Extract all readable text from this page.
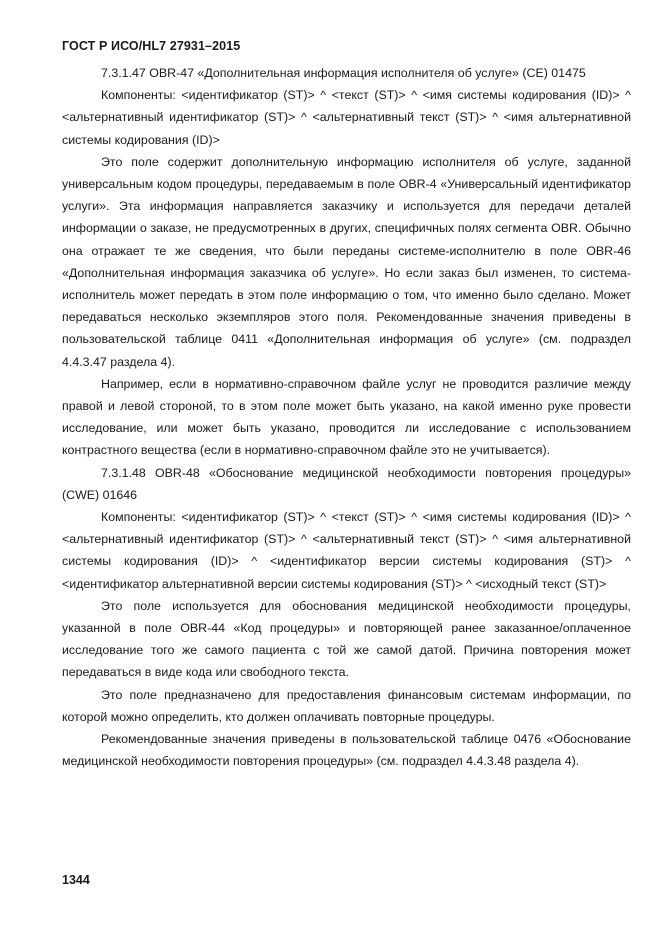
ГОСТ Р ИСО/HL7 27931–2015

7.3.1.47 OBR-47 «Дополнительная информация исполнителя об услуге» (CE) 01475

Компоненты: <идентификатор (ST)> ^ <текст (ST)> ^ <имя системы кодирования (ID)> ^ <альтернативный идентификатор (ST)> ^ <альтернативный текст (ST)> ^ <имя альтернативной системы кодирования (ID)>

Это поле содержит дополнительную информацию исполнителя об услуге, заданной универсальным кодом процедуры, передаваемым в поле OBR-4 «Универсальный идентификатор услуги». Эта информация направляется заказчику и используется для передачи деталей информации о заказе, не предусмотренных в других, специфичных полях сегмента OBR. Обычно она отражает те же сведения, что были переданы системе-исполнителю в поле OBR-46 «Дополнительная информация заказчика об услуге». Но если заказ был изменен, то система-исполнитель может передать в этом поле информацию о том, что именно было сделано. Может передаваться несколько экземпляров этого поля. Рекомендованные значения приведены в пользовательской таблице 0411 «Дополнительная информация об услуге» (см. подраздел 4.4.3.47 раздела 4).

Например, если в нормативно-справочном файле услуг не проводится различие между правой и левой стороной, то в этом поле может быть указано, на какой именно руке провести исследование, или может быть указано, проводится ли исследование с использованием контрастного вещества (если в нормативно-справочном файле это не учитывается).

7.3.1.48 OBR-48 «Обоснование медицинской необходимости повторения процедуры» (CWE) 01646

Компоненты: <идентификатор (ST)> ^ <текст (ST)> ^ <имя системы кодирования (ID)> ^ <альтернативный идентификатор (ST)> ^ <альтернативный текст (ST)> ^ <имя альтернативной системы кодирования (ID)> ^ <идентификатор версии системы кодирования (ST)> ^ <идентификатор альтернативной версии системы кодирования (ST)> ^ <исходный текст (ST)>

Это поле используется для обоснования медицинской необходимости процедуры, указанной в поле OBR-44 «Код процедуры» и повторяющей ранее заказанное/оплаченное исследование того же самого пациента с той же самой датой. Причина повторения может передаваться в виде кода или свободного текста.

Это поле предназначено для предоставления финансовым системам информации, по которой можно определить, кто должен оплачивать повторные процедуры.

Рекомендованные значения приведены в пользовательской таблице 0476 «Обоснование медицинской необходимости повторения процедуры» (см. подраздел 4.4.3.48 раздела 4).

1344
